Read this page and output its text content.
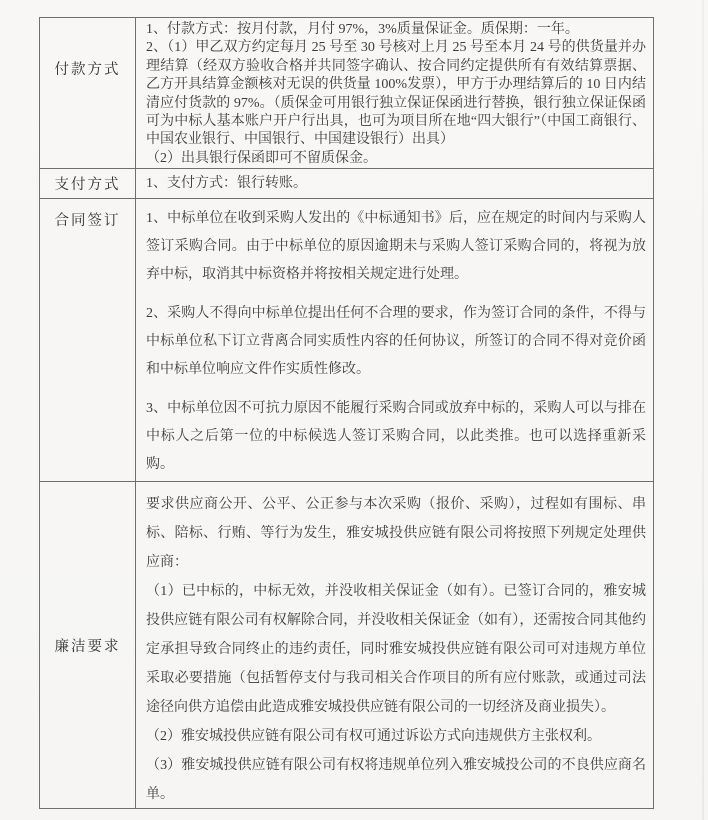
付款方式

1、付款方式：按月付款，月付 97%，3%质量保证金。质保期：一年。

2、（1）甲乙双方约定每月 25 号至 30 号核对上月 25 号至本月 24 号的供货量并办理结算（经双方验收合格并共同签字确认、按合同约定提供所有有效结算票据、乙方开具结算金额核对无误的供货量 100%发票），甲方于办理结算后的 10 日内结清应付货款的 97%。（质保金可用银行独立保证保函进行替换，银行独立保证保函可为中标人基本账户开户行出具，也可为项目所在地“四大银行”（中国工商银行、中国农业银行、中国银行、中国建设银行）出具）

（2）出具银行保函即可不留质保金。

支付方式 1、支付方式：银行转账。

合同签订 1、中标单位在收到采购人发出的《中标通知书》后，应在规定的时间内与采购人签订采购合同。由于中标单位的原因逾期未与采购人签订采购合同的，将视为放弃中标，取消其中标资格并将按相关规定进行处理。

2、采购人不得向中标单位提出任何不合理的要求，作为签订合同的条件，不得与中标单位私下订立背离合同实质性内容的任何协议，所签订的合同不得对竞价函和中标单位响应文件作实质性修改。

3、中标单位因不可抗力原因不能履行采购合同或放弃中标的，采购人可以与排在中标人之后第一位的中标候选人签订采购合同，以此类推。也可以选择重新采购。

廉洁要求

要求供应商公开、公平、公正参与本次采购（报价、采购），过程如有围标、串标、陪标、行贿、等行为发生，雅安城投供应链有限公司将按照下列规定处理供应商：

（1）已中标的，中标无效，并没收相关保证金（如有）。已签订合同的，雅安城投供应链有限公司有权解除合同，并没收相关保证金（如有），还需按合同其他约定承担导致合同终止的违约责任，同时雅安城投供应链有限公司可对违规方单位采取必要措施（包括暂停支付与我司相关合作项目的所有应付账款，或通过司法途径向供方追偿由此造成雅安城投供应链有限公司的一切经济及商业损失）。

（2）雅安城投供应链有限公司有权可通过诉讼方式向违规供方主张权利。

（3）雅安城投供应链有限公司有权将违规单位列入雅安城投公司的不良供应商名单。
